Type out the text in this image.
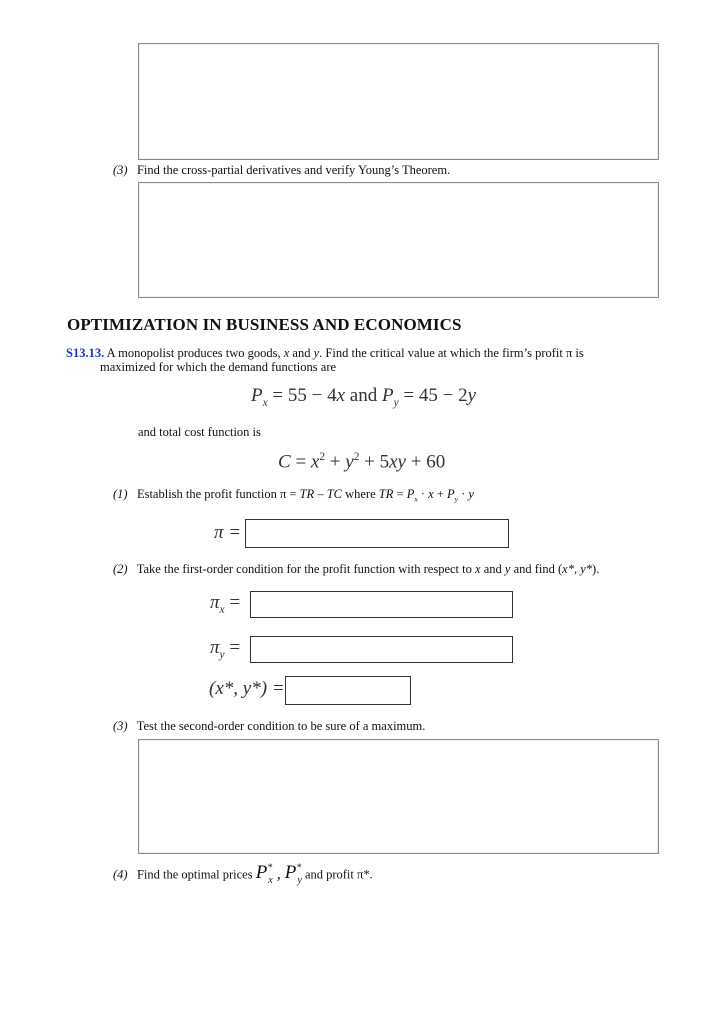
(3) Find the cross-partial derivatives and verify Young’s Theorem.
OPTIMIZATION IN BUSINESS AND ECONOMICS
S13.13. A monopolist produces two goods, x and y. Find the critical value at which the firm’s profit π is
maximized for which the demand functions are
$P_x = 55 - 4x$ and $P_y = 45 - 2y$
and total cost function is
$C = x^2 + y^2 + 5xy + 60$
(1) Establish the profit function π = TR – TC where TR = $P_x \cdot x + P_y \cdot y$
π =
(2) Take the first-order condition for the profit function with respect to x and y and find (x*, y*).
$\pi_x$ =
$\pi_y$ =
(x*, y*) =
(3) Test the second-order condition to be sure of a maximum.
(4) Find the optimal prices $P^*_x$ , $P^*_y$ and profit π*.
